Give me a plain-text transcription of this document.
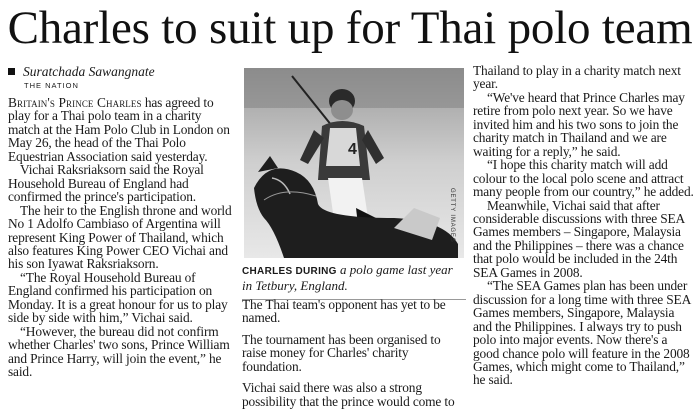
Charles to suit up for Thai polo team
Suratchada Sawangnate
THE NATION

Britain's Prince Charles has agreed to play for a Thai polo team in a charity match at the Ham Polo Club in London on May 26, the head of the Thai Polo Equestrian Association said yesterday.

Vichai Raksriaksorn said the Royal Household Bureau of England had confirmed the prince's participation.

The heir to the English throne and world No 1 Adolfo Cambiaso of Argentina will represent King Power of Thailand, which also features King Power CEO Vichai and his son Iyawat Raksriaksorn.

“The Royal Household Bureau of England confirmed his participation on Monday. It is a great honour for us to play side by side with him,” Vichai said.

“However, the bureau did not confirm whether Charles' two sons, Prince William and Prince Harry, will join the event,” he said.

4
GETTY IMAGES
CHARLES DURING a polo game last year in Tetbury, England.

The Thai team's opponent has yet to be named.

The tournament has been organised to raise money for Charles' charity foundation.

Vichai said there was also a strong possibility that the prince would come to

Thailand to play in a charity match next year.

“We've heard that Prince Charles may retire from polo next year. So we have invited him and his two sons to join the charity match in Thailand and we are waiting for a reply,” he said.

“I hope this charity match will add colour to the local polo scene and attract many people from our country,” he added.

Meanwhile, Vichai said that after considerable discussions with three SEA Games members – Singapore, Malaysia and the Philippines – there was a chance that polo would be included in the 24th SEA Games in 2008.

“The SEA Games plan has been under discussion for a long time with three SEA Games members, Singapore, Malaysia and the Philippines. I always try to push polo into major events. Now there's a good chance polo will feature in the 2008 Games, which might come to Thailand,” he said.
